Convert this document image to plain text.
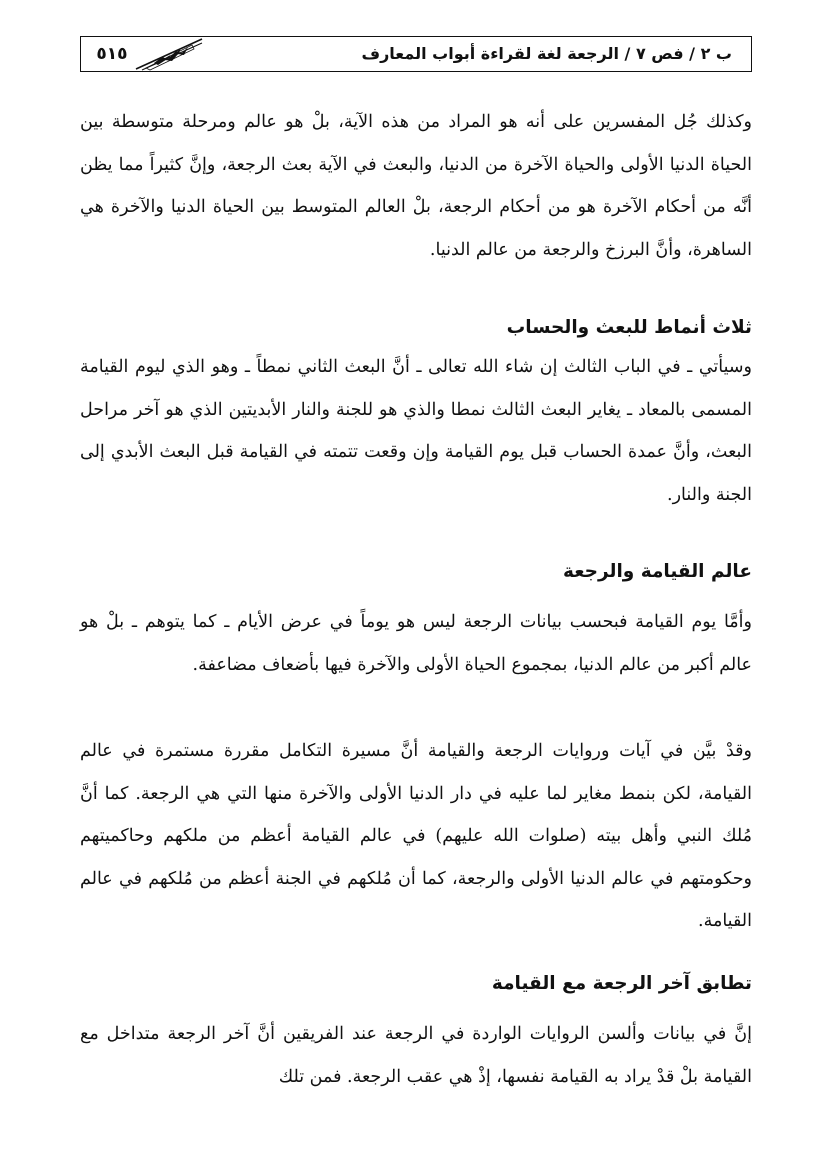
ب ٢ / فص ٧ / الرجعة لغة لقراءة أبواب المعارف
٥١٥

وكذلك جُل المفسرين على أنه هو المراد من هذه الآية، بلْ هو عالم ومرحلة متوسطة بين الحياة الدنيا الأولى والحياة الآخرة من الدنيا، والبعث في الآية بعث الرجعة، وإنَّ كثيراً مما يظن أنَّه من أحكام الآخرة هو من أحكام الرجعة، بلْ العالم المتوسط بين الحياة الدنيا والآخرة هي الساهرة، وأنَّ البرزخ والرجعة من عالم الدنيا.

ثلاث أنماط للبعث والحساب

وسيأتي ـ في الباب الثالث إن شاء الله تعالى ـ أنَّ البعث الثاني نمطاً ـ وهو الذي ليوم القيامة المسمى بالمعاد ـ يغاير البعث الثالث نمطا والذي هو للجنة والنار الأبديتين الذي هو آخر مراحل البعث، وأنَّ عمدة الحساب قبل يوم القيامة وإن وقعت تتمته في القيامة قبل البعث الأبدي إلى الجنة والنار.

عالم القيامة والرجعة

وأمَّا يوم القيامة فبحسب بيانات الرجعة ليس هو يوماً في عرض الأيام ـ كما يتوهم ـ بلْ هو عالم أكبر من عالم الدنيا، بمجموع الحياة الأولى والآخرة فيها بأضعاف مضاعفة.

وقدْ بيَّن في آيات وروايات الرجعة والقيامة أنَّ مسيرة التكامل مقررة مستمرة في عالم القيامة، لكن بنمط مغاير لما عليه في دار الدنيا الأولى والآخرة منها التي هي الرجعة. كما أنَّ مُلك النبي وأهل بيته (صلوات الله عليهم) في عالم القيامة أعظم من ملكهم وحاكميتهم وحكومتهم في عالم الدنيا الأولى والرجعة، كما أن مُلكهم في الجنة أعظم من مُلكهم في عالم القيامة.

تطابق آخر الرجعة مع القيامة

إنَّ في بيانات وألسن الروايات الواردة في الرجعة عند الفريقين أنَّ آخر الرجعة متداخل مع القيامة بلْ قدْ يراد به القيامة نفسها، إذْ هي عقب الرجعة. فمن تلك
